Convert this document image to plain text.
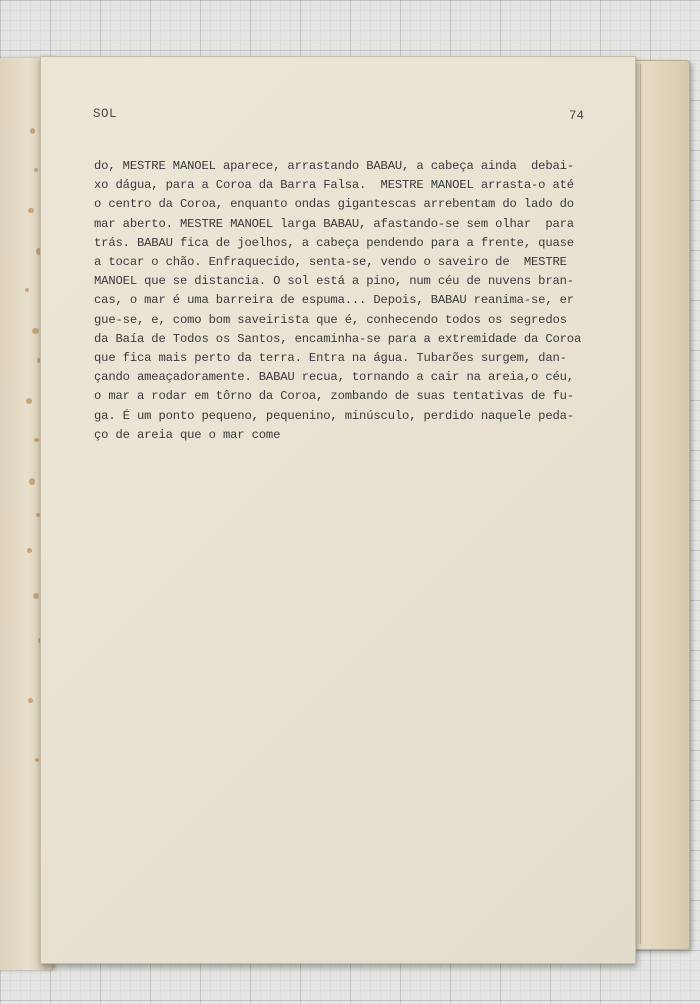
SOL	74
do, MESTRE MANOEL aparece, arrastando BABAU, a cabeça ainda  debai-
xo dágua, para a Coroa da Barra Falsa.  MESTRE MANOEL arrasta-o até
o centro da Coroa, enquanto ondas gigantescas arrebentam do lado do
mar aberto. MESTRE MANOEL larga BABAU, afastando-se sem olhar  para
trás. BABAU fica de joelhos, a cabeça pendendo para a frente, quase
a tocar o chão. Enfraquecido, senta-se, vendo o saveiro de  MESTRE
MANOEL que se distancia. O sol está a pino, num céu de nuvens bran-
cas, o mar é uma barreira de espuma... Depois, BABAU reanima-se, er
gue-se, e, como bom saveirista que é, conhecendo todos os segredos
da Baía de Todos os Santos, encaminha-se para a extremidade da Coroa
que fica mais perto da terra. Entra na água. Tubarões surgem, dan-
çando ameaçadoramente. BABAU recua, tornando a cair na areia,o céu,
o mar a rodar em tôrno da Coroa, zombando de suas tentativas de fu-
ga. É um ponto pequeno, pequenino, minúsculo, perdido naquele peda-
ço de areia que o mar come
